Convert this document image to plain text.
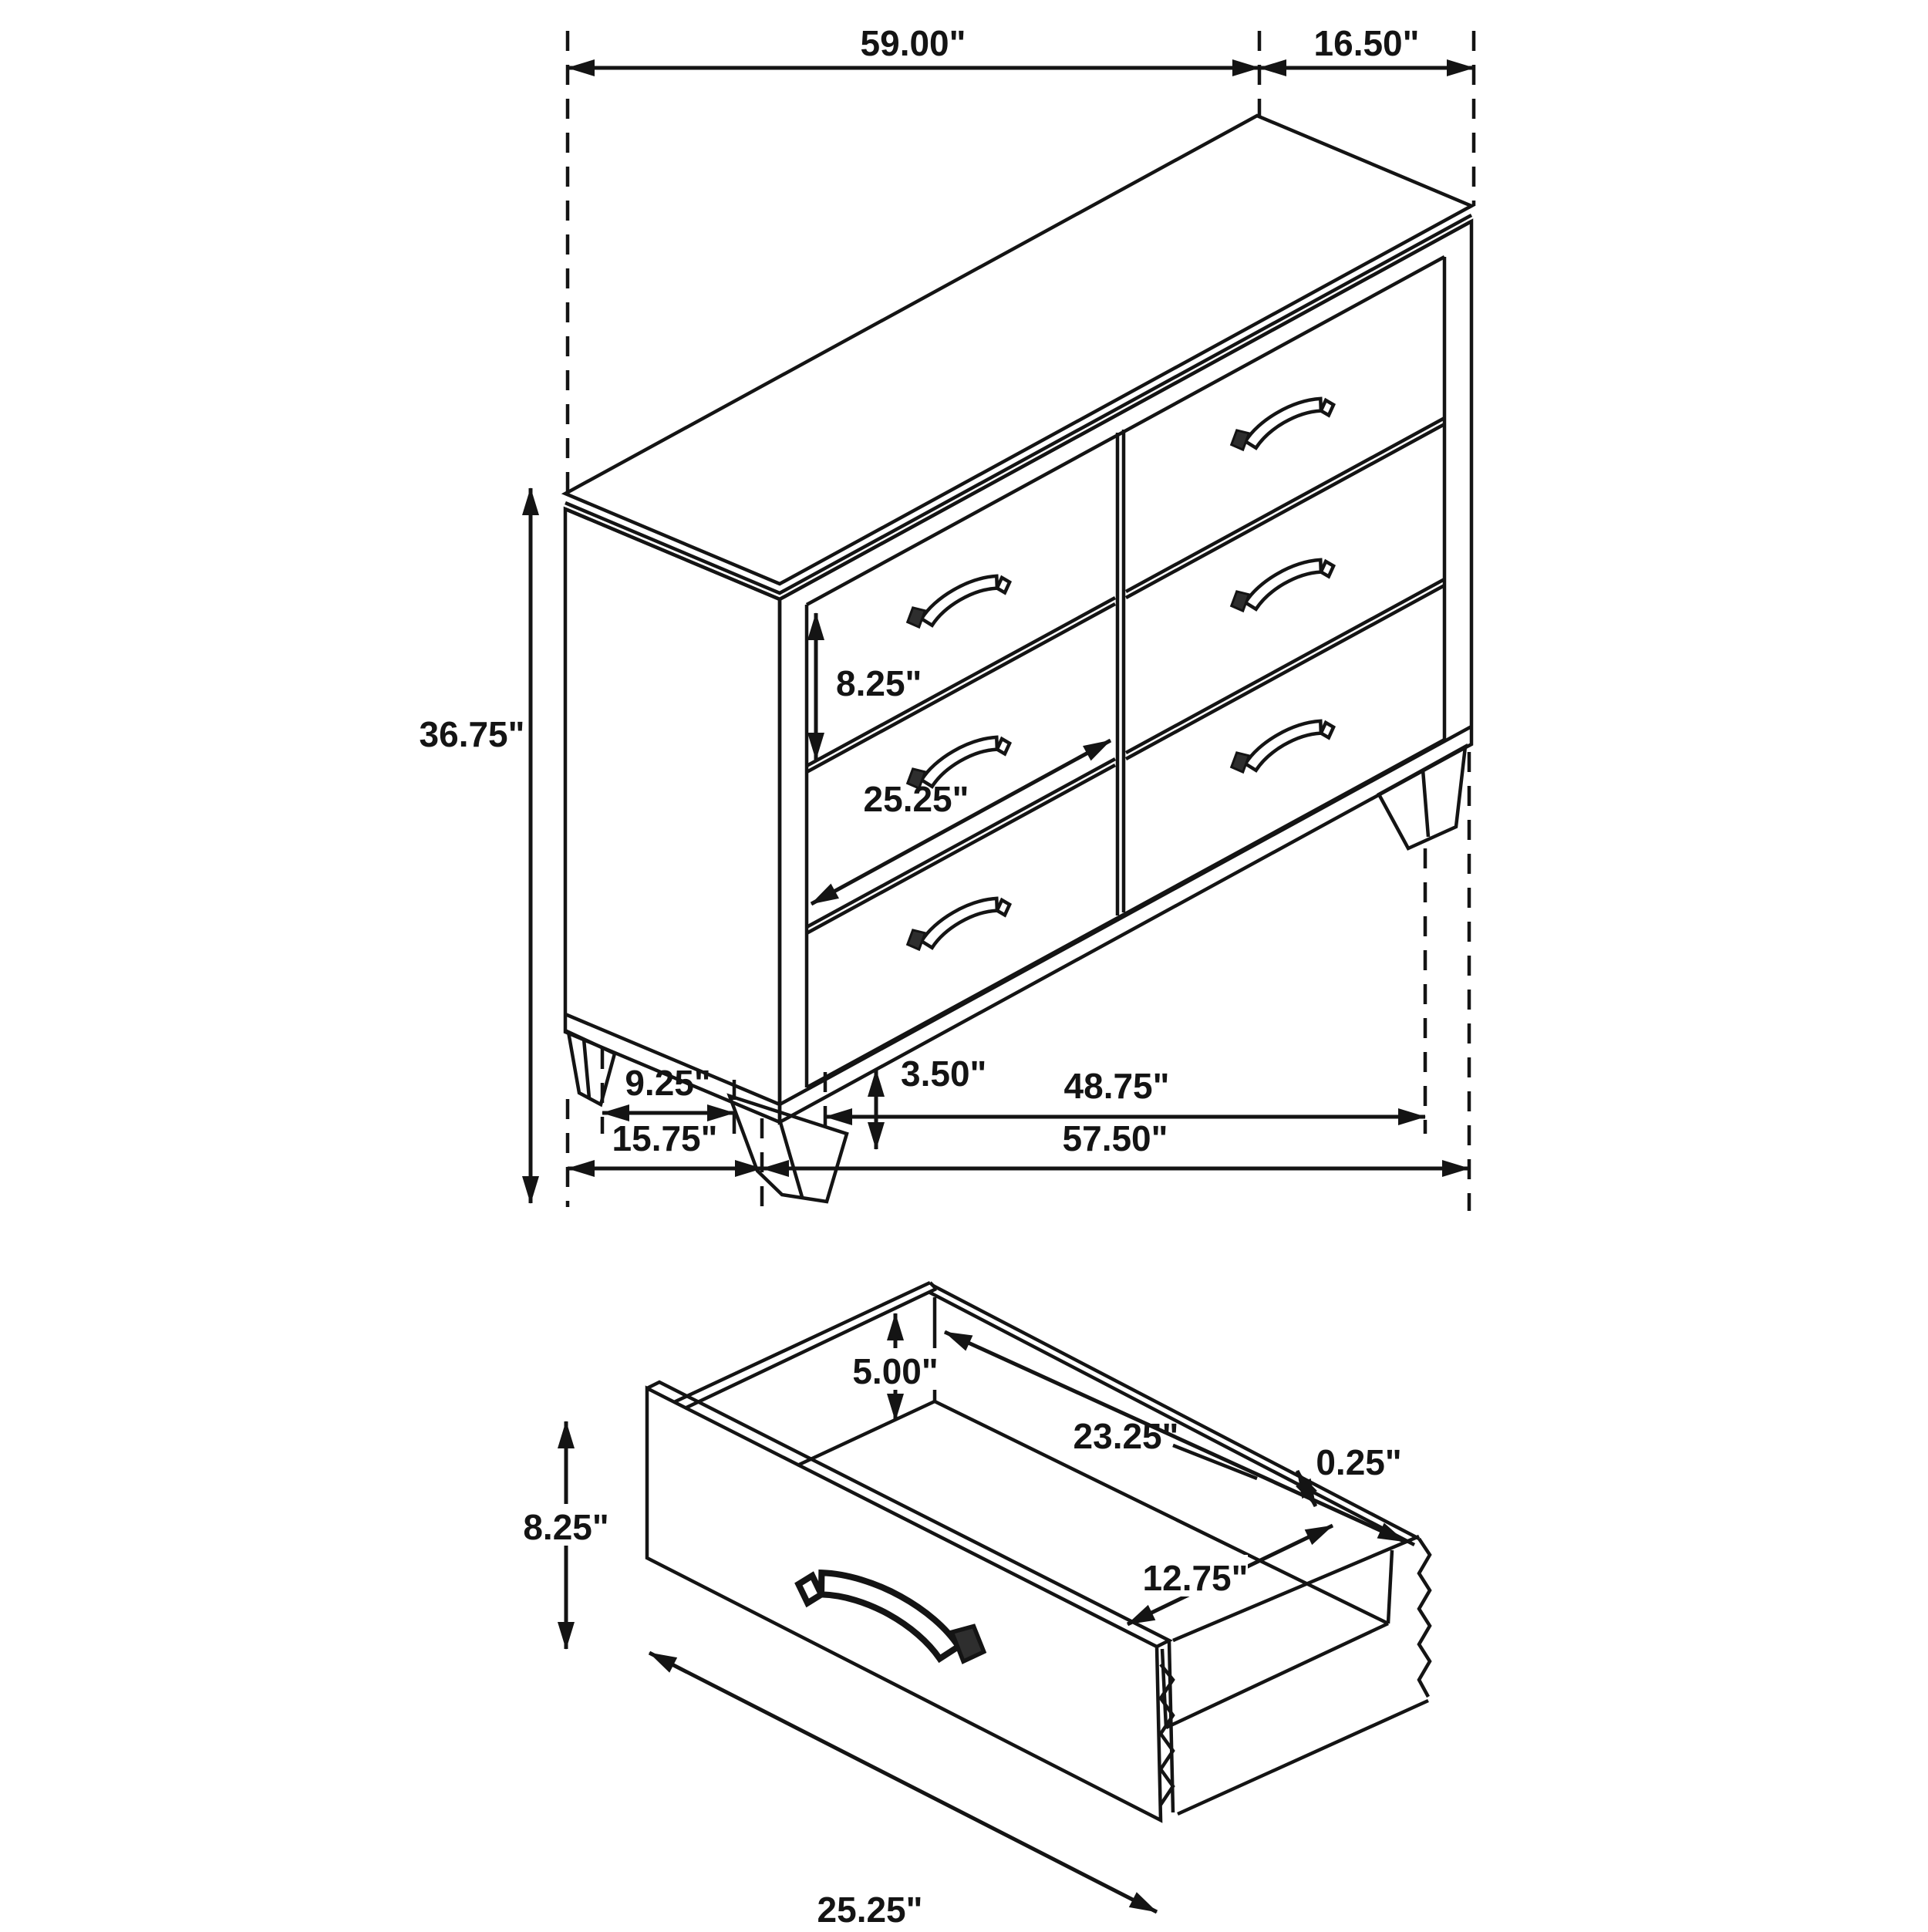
59.00"	16.50"
36.75"
8.25"
25.25"
3.50"
9.25"
15.75"
48.75"
57.50"
8.25"
5.00"
23.25"
0.25"
12.75"
25.25"
